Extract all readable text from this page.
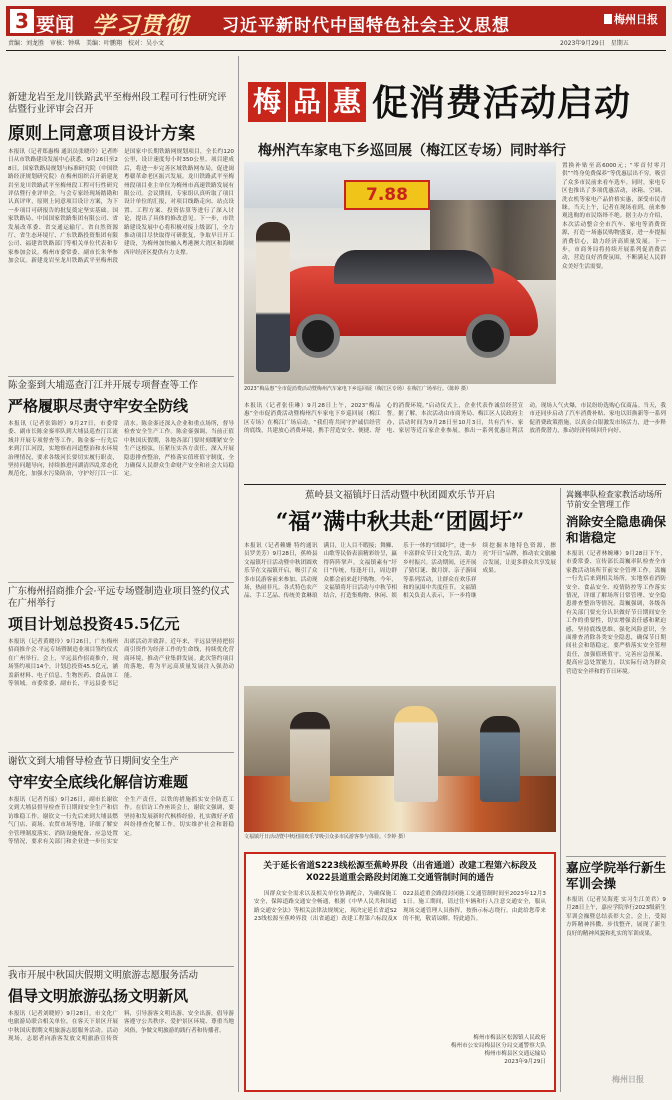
3 要闻 学习贯彻 习近平新时代中国特色社会主义思想	梅州日报
责编：刘龙胜　审核：钟琪　美编：叶鹏翔　校对：吴小文	2023年9月29日　星期五
新建龙岩至龙川铁路武平至梅州段工程可行性研究评估暨行业评审会召开
原则上同意项目设计方案
本报讯（记者郑惠梅 通讯员张晓玲）记者昨日从市铁路建设发展中心获悉，9月26日至28日，国家铁路局规划与标准研究院（中国铁路经济规划研究院）在梅州组织召开新建龙岩至龙川铁路武平至梅州段工程可行性研究评估暨行业评审会。与会专家经现场踏勘和认真评审，原则上同意项目设计方案，为下一步项目可研报告的批复奠定坚实基础。国家铁路局、中国国家铁路集团有限公司、省发展改革委、省交通运输厅、省自然资源厅、省生态环境厅、广东铁路投资集团有限公司、福建省铁路部门等相关单位代表和专家参加会议。梅州市委常委、副市长朱华参加会议。新建龙岩至龙川铁路武平至梅州段是国家中长期铁路网规划项目，全长约120公里，设计速度每小时350公里。项目建成后，将进一步完善区域铁路网布局，促进闽粤赣革命老区振兴发展。龙川铁路武平至梅州段项目业主单位为梅州市高速铁路发展有限公司。会议期间，专家组认真听取了项目设计单位的汇报，对项目线路走向、站点设置、工程方案、投资估算等进行了深入讨论，提出了具体的修改意见。下一步，市铁路建设发展中心将积极对接上级部门，全力推动项目尽快取得可研批复，争取早日开工建设，为梅州加快融入粤港澳大湾区和海峡西岸经济区提供有力支撑。
陈金銮到大埔巡查汀江并开展专项督查等工作
严格履职尽责守牢安全防线
本报讯（记者张锦婷）9月27日，市委常委、副市长陈金銮率队到大埔县巡查汀江流域并开展专项督查等工作。陈金銮一行先后来到汀江河段，实地察看河道整治和水环境治理情况，要求各级河长要切实履行职责，坚持问题导向，持续推进河湖清四乱常态化规范化，加强水污染防治，守护好汀江一江清水。陈金銮还深入企业和重点场所，督导检查安全生产工作。陈金銮强调，当前正值中秋国庆假期，各地各部门要时刻绷紧安全生产这根弦，压紧压实各方责任，深入开展隐患排查整治，严格落实值班值守制度，全力确保人民群众生命财产安全和社会大局稳定。
广东梅州招商推介会·平远专场暨制造业项目签约仪式在广州举行
项目计划总投资45.5亿元
本报讯（记者黄晓玲）9月26日，广东梅州招商推介会·平远专场暨制造业项目签约仪式在广州举行。会上，平远县作招商推介，现场签约项目14个，计划总投资45.5亿元，涵盖新材料、电子信息、生物医药、食品加工等领域。市委常委、副市长，平远县委书记出席活动并致辞。近年来，平远县坚持把招商引资作为经济工作的生命线，持续优化营商环境，推动产业集群发展。此次签约项目的落地，将为平远高质量发展注入强劲动能。
谢钦文到大埔督导检查节日期间安全生产
守牢安全底线化解信访难题
本报讯（记者肖瑶）9月26日，副市长谢钦文到大埔县督导检查节日期间安全生产和信访维稳工作。谢钦文一行先后来到大埔县燃气门店、商场、农贸市场等地，详细了解安全管理制度落实、消防设施配备、应急处置等情况，要求有关部门和企业进一步压实安全生产责任，以铁的措施抓实安全防范工作。在信访工作座谈会上，谢钦文强调，要坚持和发展新时代枫桥经验，扎实做好矛盾纠纷排查化解工作，切实维护社会和谐稳定。
我市开展中秋国庆假期文明旅游志愿服务活动
倡导文明旅游弘扬文明新风
本报讯（记者刘晓婷）9月28日，市文化广电旅游局联合相关单位，在客天下景区开展中秋国庆假期文明旅游志愿服务活动。活动现场，志愿者向游客发放文明旅游宣传资料，引导游客文明出游、安全出游，倡导游客遵守公共秩序、爱护景区环境、尊重当地风俗，争做文明旅游的践行者和传播者。
梅 品 惠 促消费活动启动
梅州汽车家电下乡巡回展（梅江区专场）同时举行
7.88
2023“梅品惠”全市促消费活动暨梅州汽车家电下乡巡回展（梅江区专场）在梅江广场举行。（陈婷 摄）
置换补贴至高6000元；“零首付零月供”“终身免费保养”等优惠层出不穷，吸引了众多市民前来看车选车。同时，家电专区也推出了多项优惠活动，冰箱、空调、洗衣机等家电产品价格实惠，深受市民青睐。当天上午，记者在现场看到，前来参观选购的市民络绎不绝。据主办方介绍，本次活动整合全市汽车、家电等消费资源，打造一场惠民购物盛宴，进一步提振消费信心，助力经济高质量发展。下一步，市商务局将持续开展系列促消费活动，营造良好消费氛围，不断满足人民群众美好生活需要。
本报讯（记者张佳琳）9月28日上午，2023“梅品惠”全市促消费活动暨梅州汽车家电下乡巡回展（梅江区专场）在梅江广场启动。“我们将共同守护诚信经营的底线，共建放心消费环境，携手营造安全、便捷、舒心的消费环境。”启动仪式上，企业代表作诚信经营宣誓。据了解，本次活动由市商务局、梅江区人民政府主办，活动时间为9月28日至10月3日，共有汽车、家电、家居等近百家企业参展，推出一系列优惠让利活动。现场人气火爆，市民纷纷选购心仪商品。当天，我市还同步启动了汽车消费补贴、家电以旧换新等一系列促消费政策措施，以真金白银激发市场活力，进一步释放消费潜力，推动经济持续回升向好。
蕉岭县文福镇圩日活动暨中秋团圆欢乐节开启
“福”满中秋共赴“团圆圩”
本报讯（记者赖姗 特约通讯员罗美芳）9月28日，蕉岭县文福镇圩日活动暨中秋团圆欢乐节在文福镇开启，吸引了众多市民游客前来参加。活动现场，热闹非凡。各式特色农产品、手工艺品、传统美食琳琅满目，让人目不暇接；舞狮、山歌等民俗表演精彩纷呈，赢得阵阵掌声。文福镇素有“圩日”传统，每逢圩日，周边群众都会前来赶圩购物。今年，文福镇将圩日活动与中秋节相结合，打造集购物、休闲、娱乐于一体的“团圆圩”，进一步丰富群众节日文化生活，助力乡村振兴。活动期间，还开展了猜灯谜、做月饼、亲子游园等系列活动，让群众在欢乐祥和的氛围中共度佳节。文福镇相关负责人表示，下一步将继续挖掘本地特色资源，擦亮“圩日”品牌，推动农文旅融合发展，让更多群众共享发展成果。
文福镇圩日活动暨中秋团圆欢乐节吸引众多市民游客参与体验。（李婷 摄）
嵩巍率队检查家教活动场所节前安全管理工作
消除安全隐患确保和谐稳定
本报讯（记者林婉琳）9月28日下午，市委常委、宣传部长嵩巍率队检查全市家教活动场所节前安全管理工作。嵩巍一行先后来到相关场所，实地察看消防安全、食品安全、疫情防控等工作落实情况，详细了解场所日常管理、安全隐患排查整治等情况。嵩巍强调，各级各有关部门要充分认识做好节日期间安全工作的重要性，切实增强责任感和紧迫感，坚持底线思维，强化风险意识，全面排查消除各类安全隐患，确保节日期间社会和谐稳定。要严格落实安全管理责任，加强值班值守，完善应急预案，提高应急处置能力，以实际行动为群众营造安全祥和的节日环境。
嘉应学院举行新生军训会操
本报讯（记者吴海莲 实习生江美君）9月28日上午，嘉应学院举行2023级新生军训会操暨总结表彰大会。会上，受阅方阵精神抖擞、步伐整齐，展现了新生良好的精神风貌和扎实的军训成果。
关于延长省道S223线松源至蕉岭界段（出省通道）改建工程第六标段及X022县道重会路段封闭施工交通管制时间的通告
因群众安全需求以及相关单位协调配合，为确保施工安全，保障道路交通安全畅通，根据《中华人民共和国道路交通安全法》等相关法律法规规定，现决定延长省道S223线松源至蕉岭界段（出省通道）改建工程第六标段及X022县道重会路段封闭施工交通管制时间至2023年12月31日。施工期间，请过往车辆和行人注意交通安全，服从现场交通管理人员指挥，按指示标志绕行。由此给您带来的不便，敬请谅解。特此通告。
梅州市梅县区松源镇人民政府
梅州市公安局梅县区分局交通警察大队
梅州市梅县区交通运输局
2023年9月29日
梅州日报
